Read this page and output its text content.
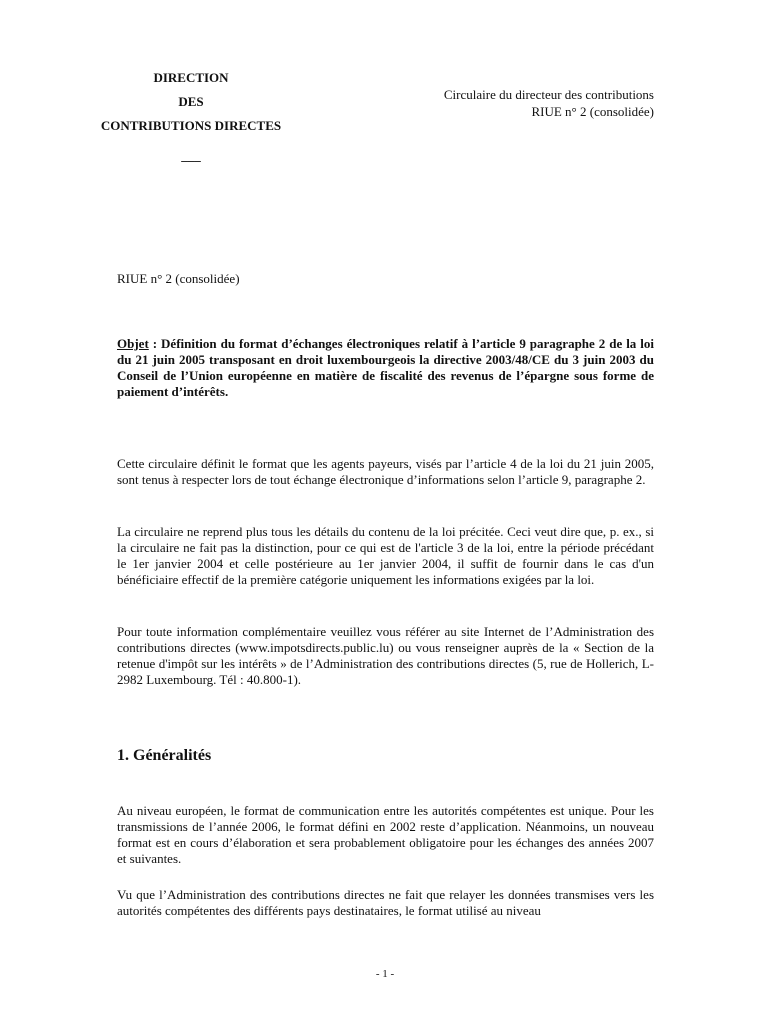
DIRECTION
DES
CONTRIBUTIONS DIRECTES
___
Circulaire du directeur des contributions
RIUE n° 2 (consolidée)
RIUE n° 2 (consolidée)
Objet : Définition du format d’échanges électroniques relatif à l’article 9 paragraphe 2 de la loi du 21 juin 2005 transposant en droit luxembourgeois la directive 2003/48/CE du 3 juin 2003 du Conseil de l’Union européenne en matière de fiscalité des revenus de l’épargne sous forme de paiement d’intérêts.

Cette circulaire définit le format que les agents payeurs, visés par l’article 4 de la loi du 21 juin 2005, sont tenus à respecter lors de tout échange électronique d’informations selon l’article 9, paragraphe 2.

La circulaire ne reprend plus tous les détails du contenu de la loi précitée. Ceci veut dire que, p. ex., si la circulaire ne fait pas la distinction, pour ce qui est de l'article 3 de la loi, entre la période précédant le 1er janvier 2004 et celle postérieure au 1er janvier 2004, il suffit de fournir dans le cas d'un bénéficiaire effectif de la première catégorie uniquement les informations exigées par la loi.

Pour toute information complémentaire veuillez vous référer au site Internet de l’Administration des contributions directes (www.impotsdirects.public.lu) ou vous renseigner auprès de la « Section de la retenue d'impôt sur les intérêts » de l’Administration des contributions directes (5, rue de Hollerich, L-2982 Luxembourg. Tél : 40.800-1).

1. Généralités

Au niveau européen, le format de communication entre les autorités compétentes est unique. Pour les transmissions de l’année 2006, le format défini en 2002 reste d’application. Néanmoins, un nouveau format est en cours d’élaboration et sera probablement obligatoire pour les échanges des années 2007 et suivantes.

Vu que l’Administration des contributions directes ne fait que relayer les données transmises vers les autorités compétentes des différents pays destinataires, le format utilisé au niveau

- 1 -
